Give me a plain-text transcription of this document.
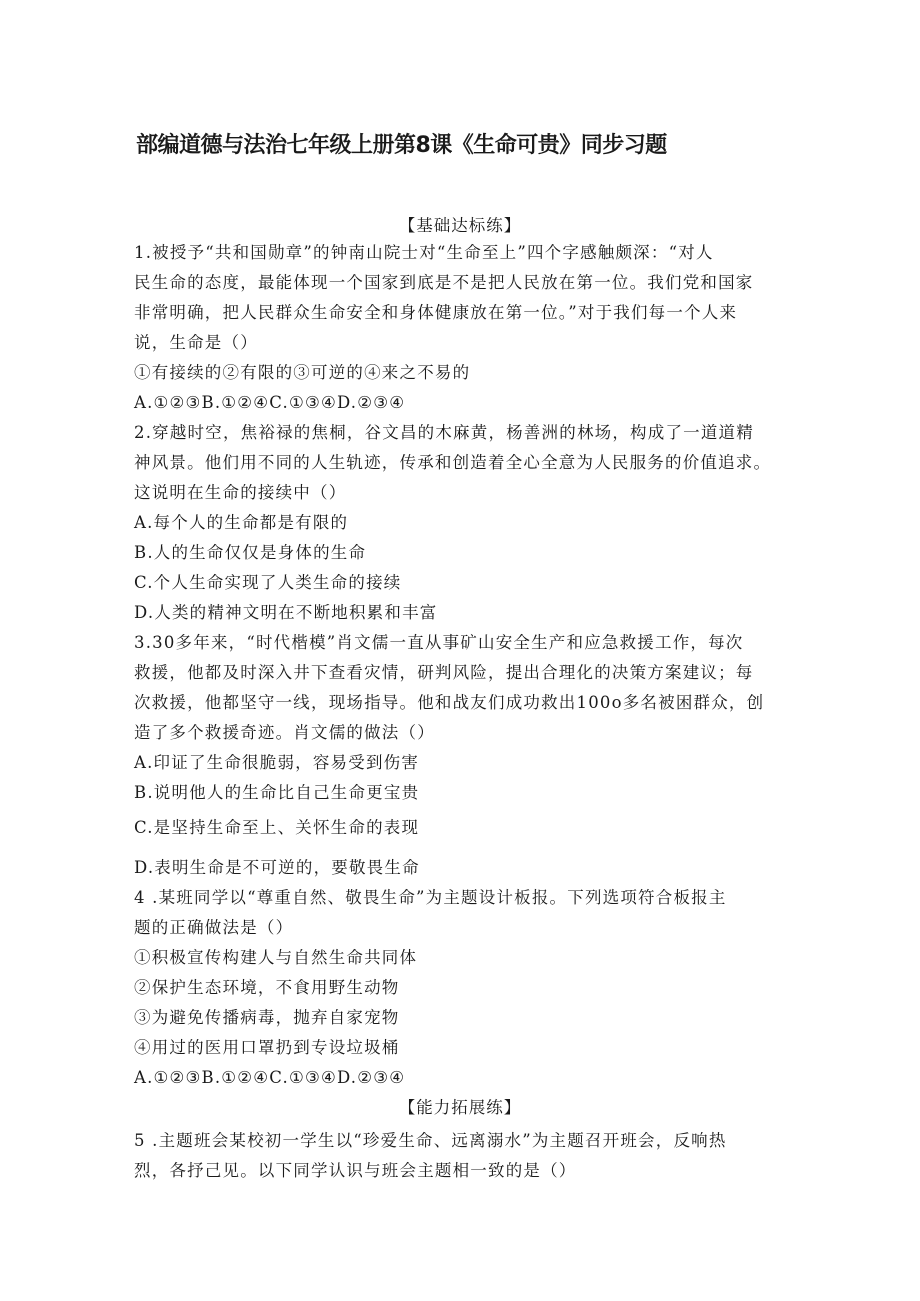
部编道德与法治七年级上册第8课《生命可贵》同步习题
【基础达标练】
1.被授予“共和国勋章”的钟南山院士对“生命至上”四个字感触颇深：“对人
民生命的态度，最能体现一个国家到底是不是把人民放在第一位。我们党和国家
非常明确，把人民群众生命安全和身体健康放在第一位。”对于我们每一个人来
说，生命是（）
①有接续的②有限的③可逆的④来之不易的
A.①②③B.①②④C.①③④D.②③④
2.穿越时空，焦裕禄的焦桐，谷文昌的木麻黄，杨善洲的林场，构成了一道道精
神风景。他们用不同的人生轨迹，传承和创造着全心全意为人民服务的价值追求。
这说明在生命的接续中（）
A.每个人的生命都是有限的
B.人的生命仅仅是身体的生命
C.个人生命实现了人类生命的接续
D.人类的精神文明在不断地积累和丰富
3.30多年来，“时代楷模”肖文儒一直从事矿山安全生产和应急救援工作，每次
救援，他都及时深入井下查看灾情，研判风险，提出合理化的决策方案建议；每
次救援，他都坚守一线，现场指导。他和战友们成功救出100o多名被困群众，创
造了多个救援奇迹。肖文儒的做法（）
A.印证了生命很脆弱，容易受到伤害
B.说明他人的生命比自己生命更宝贵
C.是坚持生命至上、关怀生命的表现
D.表明生命是不可逆的，要敬畏生命
4 .某班同学以“尊重自然、敬畏生命”为主题设计板报。下列选项符合板报主
题的正确做法是（）
①积极宣传构建人与自然生命共同体
②保护生态环境，不食用野生动物
③为避免传播病毒，抛弃自家宠物
④用过的医用口罩扔到专设垃圾桶
A.①②③B.①②④C.①③④D.②③④
【能力拓展练】
5 .主题班会某校初一学生以“珍爱生命、远离溺水”为主题召开班会，反响热
烈，各抒己见。以下同学认识与班会主题相一致的是（）
